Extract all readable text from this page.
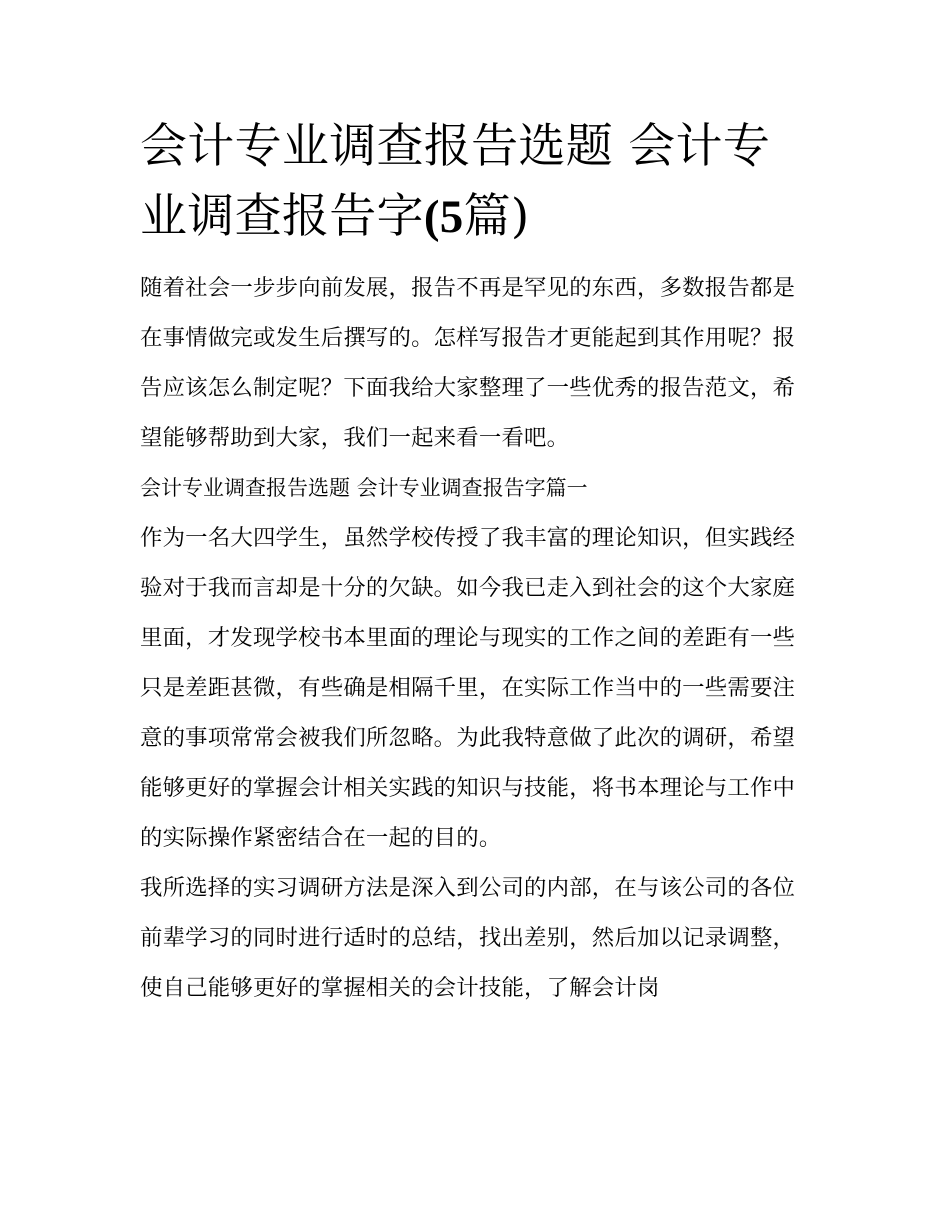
会计专业调查报告选题 会计专业调查报告字(5篇)

随着社会一步步向前发展，报告不再是罕见的东西，多数报告都是在事情做完或发生后撰写的。怎样写报告才更能起到其作用呢？报告应该怎么制定呢？下面我给大家整理了一些优秀的报告范文，希望能够帮助到大家，我们一起来看一看吧。

会计专业调查报告选题 会计专业调查报告字篇一

作为一名大四学生，虽然学校传授了我丰富的理论知识，但实践经验对于我而言却是十分的欠缺。如今我已走入到社会的这个大家庭里面，才发现学校书本里面的理论与现实的工作之间的差距有一些只是差距甚微，有些确是相隔千里，在实际工作当中的一些需要注意的事项常常会被我们所忽略。为此我特意做了此次的调研，希望能够更好的掌握会计相关实践的知识与技能，将书本理论与工作中的实际操作紧密结合在一起的目的。

我所选择的实习调研方法是深入到公司的内部，在与该公司的各位前辈学习的同时进行适时的总结，找出差别，然后加以记录调整，使自己能够更好的掌握相关的会计技能，了解会计岗
